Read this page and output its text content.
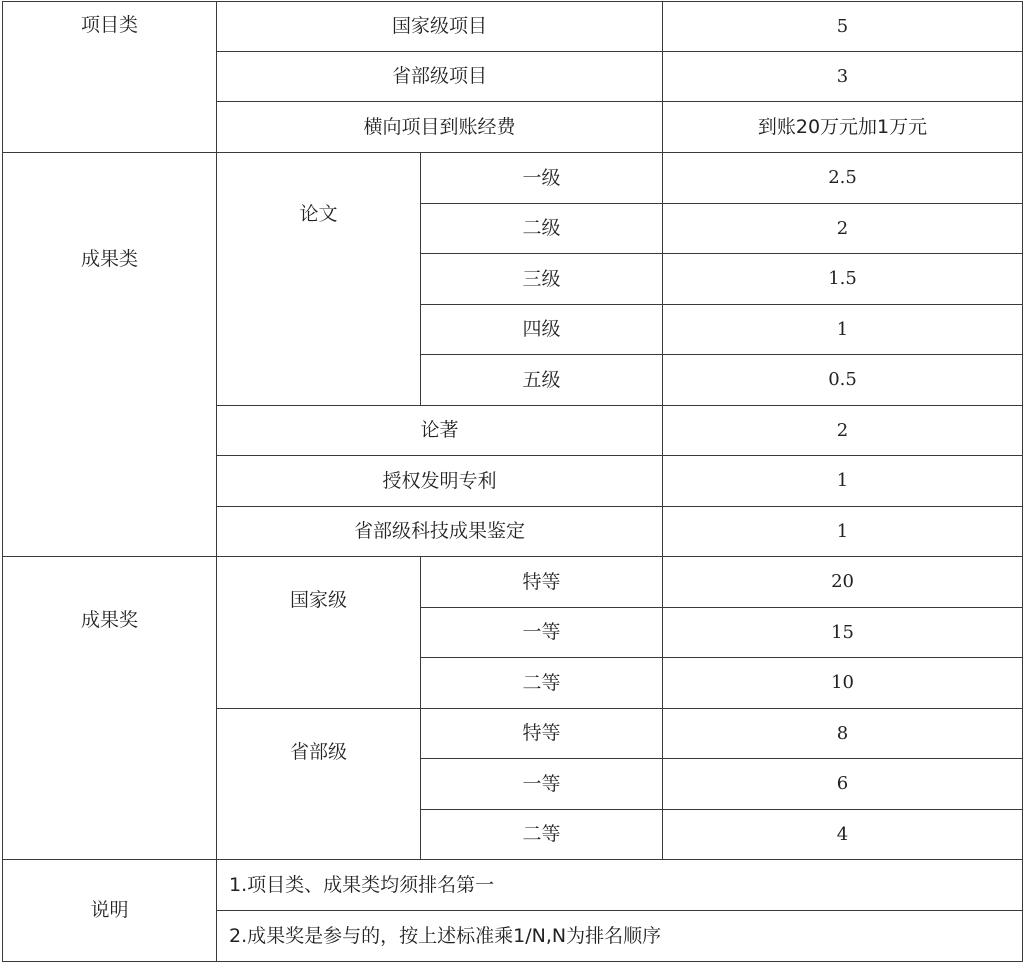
项目类	国家级项目		5
	省部级项目		3
	横向项目到账经费		到账20万元加1万元
成果类	论文	一级	2.5
		二级	2
		三级	1.5
		四级	1
		五级	0.5
	论著		2
	授权发明专利		1
	省部级科技成果鉴定		1
成果奖	国家级	特等	20
		一等	15
		二等	10
	省部级	特等	8
		一等	6
		二等	4
说明	1.项目类、成果类均须排名第一		
	2.成果奖是参与的，按上述标准乘1/N,N为排名顺序		
